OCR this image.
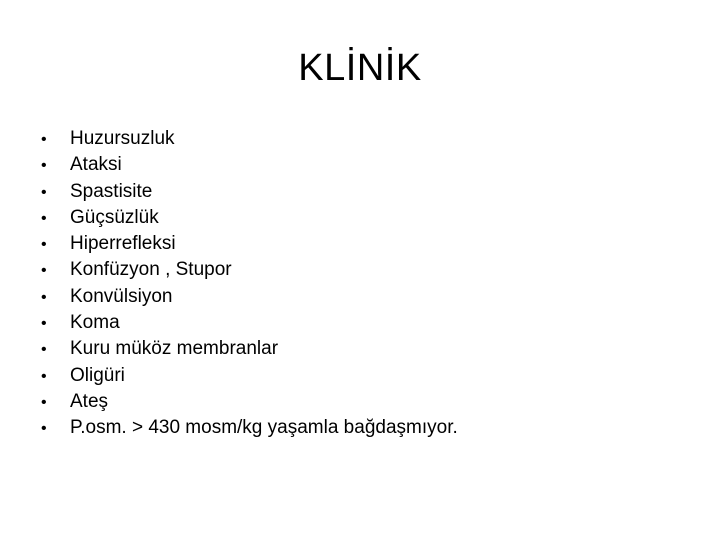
KLİNİK
•	Huzursuzluk
•	Ataksi
•	Spastisite
•	Güçsüzlük
•	Hiperrefleksi
•	Konfüzyon , Stupor
•	Konvülsiyon
•	Koma
•	Kuru müköz membranlar
•	Oligüri
•	Ateş
•	P.osm. > 430 mosm/kg yaşamla bağdaşmıyor.
